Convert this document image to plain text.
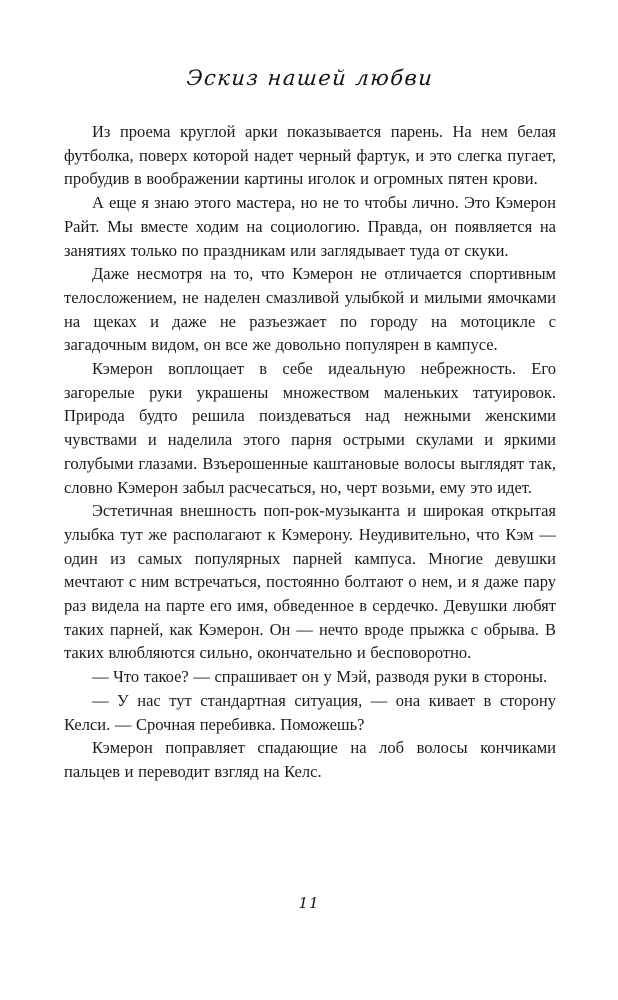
Эскиз нашей любви

Из проема круглой арки показывается парень. На нем белая футболка, поверх которой надет черный фартук, и это слегка пугает, пробудив в воображении картины иголок и огромных пятен крови.

А еще я знаю этого мастера, но не то чтобы лично. Это Кэмерон Райт. Мы вместе ходим на социологию. Правда, он появляется на занятиях только по праздникам или заглядывает туда от скуки.

Даже несмотря на то, что Кэмерон не отличается спортивным телосложением, не наделен смазливой улыбкой и милыми ямочками на щеках и даже не разъезжает по городу на мотоцикле с загадочным видом, он все же довольно популярен в кампусе.

Кэмерон воплощает в себе идеальную небрежность. Его загорелые руки украшены множеством маленьких татуировок. Природа будто решила поиздеваться над нежными женскими чувствами и наделила этого парня острыми скулами и яркими голубыми глазами. Взъерошенные каштановые волосы выглядят так, словно Кэмерон забыл расчесаться, но, черт возьми, ему это идет.

Эстетичная внешность поп-рок-музыканта и широкая открытая улыбка тут же располагают к Кэмерону. Неудивительно, что Кэм — один из самых популярных парней кампуса. Многие девушки мечтают с ним встречаться, постоянно болтают о нем, и я даже пару раз видела на парте его имя, обведенное в сердечко. Девушки любят таких парней, как Кэмерон. Он — нечто вроде прыжка с обрыва. В таких влюбляются сильно, окончательно и бесповоротно.

— Что такое? — спрашивает он у Мэй, разводя руки в стороны.

— У нас тут стандартная ситуация, — она кивает в сторону Келси. — Срочная перебивка. Поможешь?

Кэмерон поправляет спадающие на лоб волосы кончиками пальцев и переводит взгляд на Келс.

11
